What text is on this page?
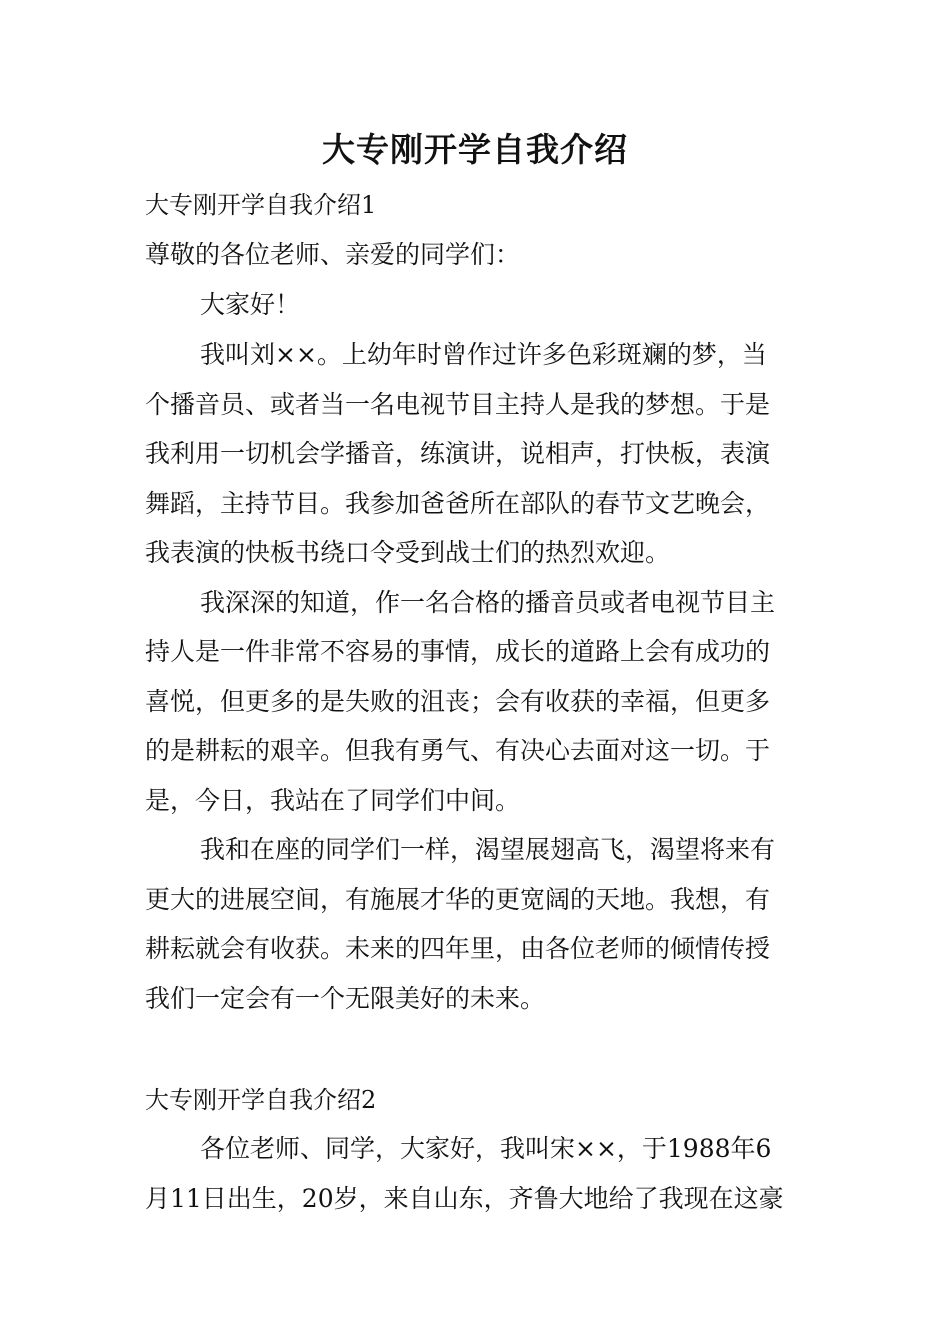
大专刚开学自我介绍

大专刚开学自我介绍1

尊敬的各位老师、亲爱的同学们：

大家好！

我叫刘××。上幼年时曾作过许多色彩斑斓的梦，当

个播音员、或者当一名电视节目主持人是我的梦想。于是

我利用一切机会学播音，练演讲，说相声，打快板，表演

舞蹈，主持节目。我参加爸爸所在部队的春节文艺晚会，

我表演的快板书绕口令受到战士们的热烈欢迎。

我深深的知道，作一名合格的播音员或者电视节目主

持人是一件非常不容易的事情，成长的道路上会有成功的

喜悦，但更多的是失败的沮丧；会有收获的幸福，但更多

的是耕耘的艰辛。但我有勇气、有决心去面对这一切。于

是，今日，我站在了同学们中间。

我和在座的同学们一样，渴望展翅高飞，渴望将来有

更大的进展空间，有施展才华的更宽阔的天地。我想，有

耕耘就会有收获。未来的四年里，由各位老师的倾情传授

我们一定会有一个无限美好的未来。

大专刚开学自我介绍2

各位老师、同学，大家好，我叫宋××，于1988年6

月11日出生，20岁，来自山东，齐鲁大地给了我现在这豪
